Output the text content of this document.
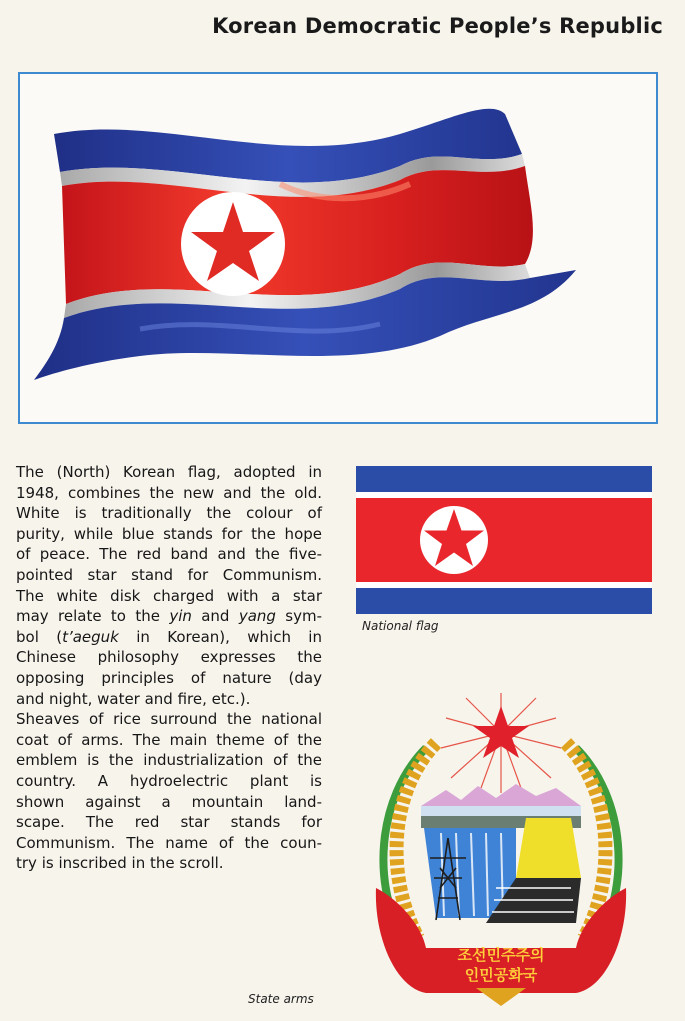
Korean Democratic People’s Republic

The (North) Korean flag, adopted in
1948, combines the new and the old.
White is traditionally the colour of
purity, while blue stands for the hope
of peace. The red band and the five-
pointed star stand for Communism.
The white disk charged with a star
may relate to the yin and yang sym-
bol (t’aeguk in Korean), which in
Chinese philosophy expresses the
opposing principles of nature (day
and night, water and fire, etc.).
Sheaves of rice surround the national
coat of arms. The main theme of the
emblem is the industrialization of the
country. A hydroelectric plant is
shown against a mountain land-
scape. The red star stands for
Communism. The name of the coun-
try is inscribed in the scroll.

National flag
조선민주주의
인민공화국
State arms
